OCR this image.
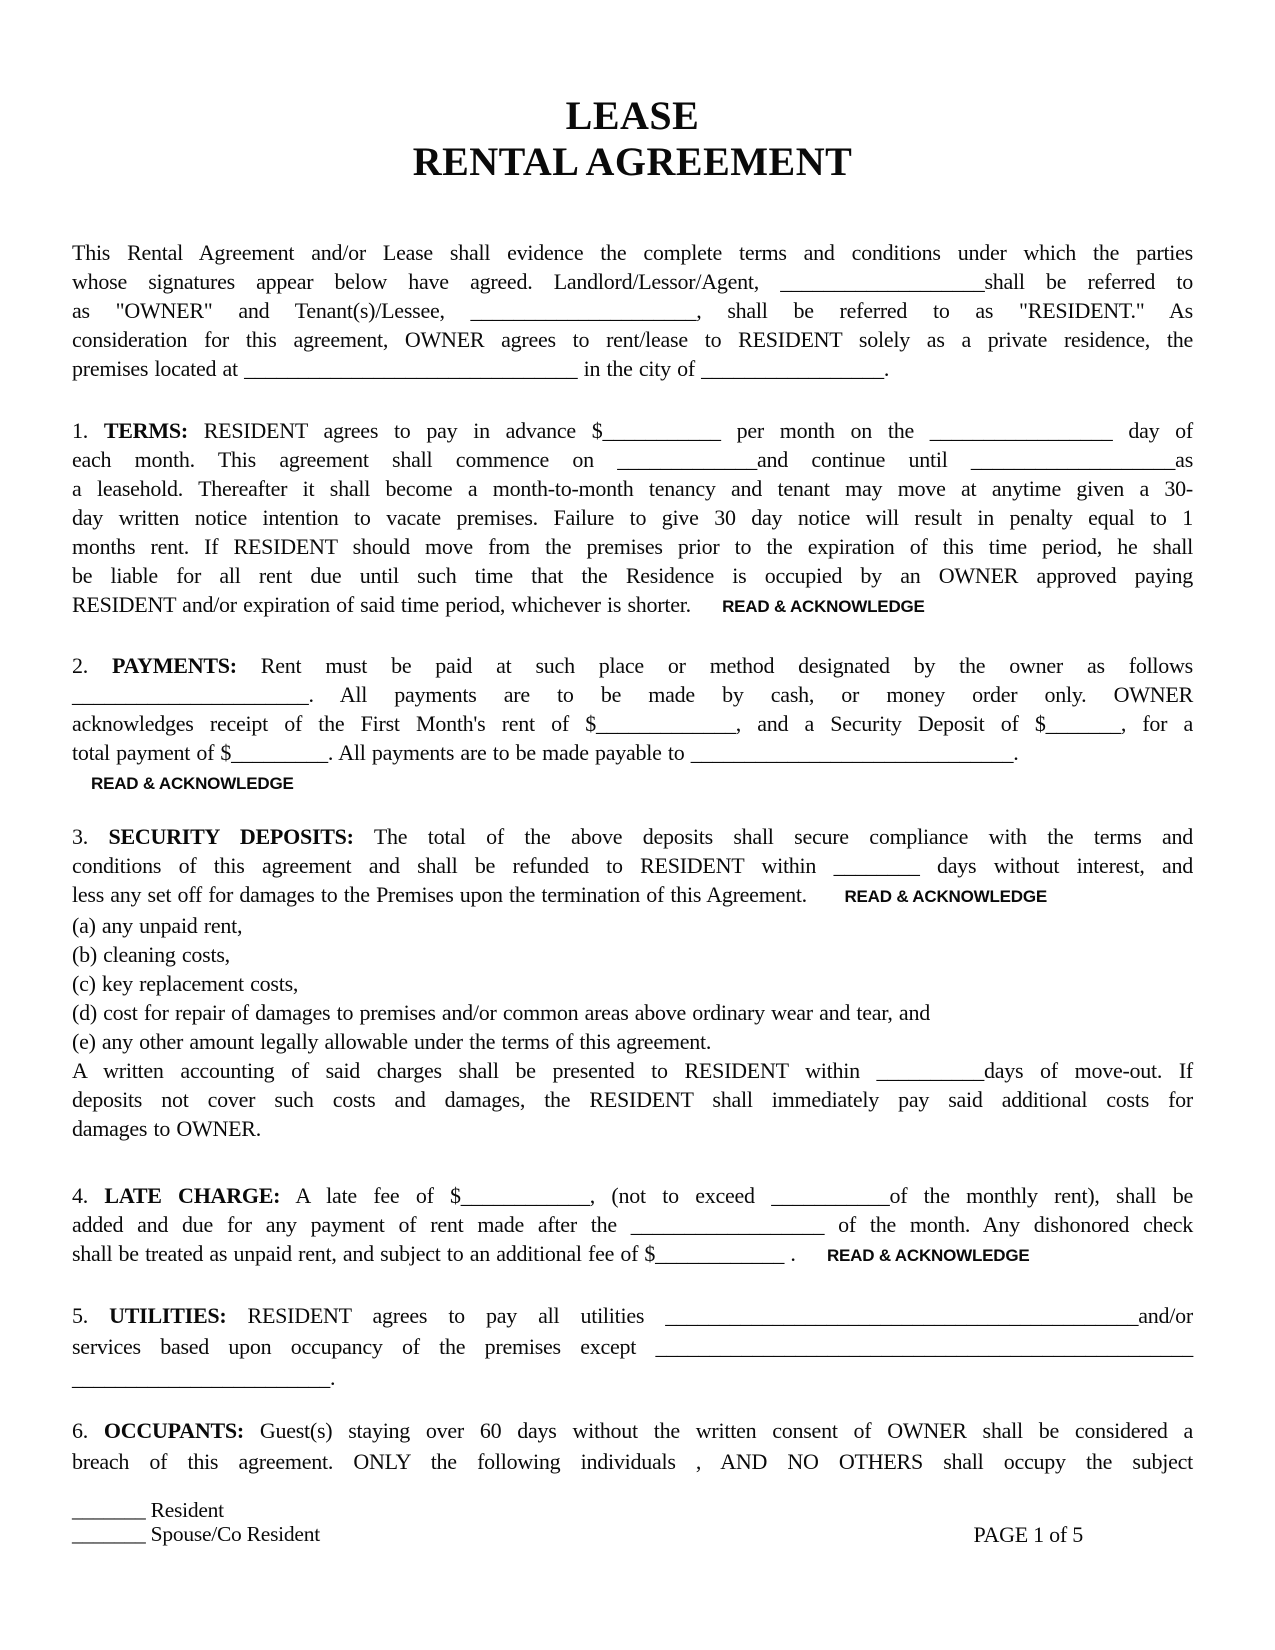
LEASE
RENTAL AGREEMENT
This Rental Agreement and/or Lease shall evidence the complete terms and conditions under which the parties
whose signatures appear below have agreed. Landlord/Lessor/Agent, ___________________shall be referred to
as "OWNER" and Tenant(s)/Lessee, _____________________, shall be referred to as "RESIDENT." As
consideration for this agreement, OWNER agrees to rent/lease to RESIDENT solely as a private residence, the
premises located at _______________________________ in the city of _________________.
1. TERMS: RESIDENT agrees to pay in advance $___________ per month on the _________________ day of
each month. This agreement shall commence on _____________and continue until ___________________as
a leasehold. Thereafter it shall become a month-to-month tenancy and tenant may move at anytime given a 30-
day written notice intention to vacate premises. Failure to give 30 day notice will result in penalty equal to 1
months rent. If RESIDENT should move from the premises prior to the expiration of this time period, he shall
be liable for all rent due until such time that the Residence is occupied by an OWNER approved paying
RESIDENT and/or expiration of said time period, whichever is shorter.     READ & ACKNOWLEDGE
2. PAYMENTS: Rent must be paid at such place or method designated by the owner as follows
______________________. All payments are to be made by cash, or money order only. OWNER
acknowledges receipt of the First Month's rent of $_____________, and a Security Deposit of $_______, for a
total payment of $_________. All payments are to be made payable to ______________________________.
READ & ACKNOWLEDGE
3. SECURITY DEPOSITS: The total of the above deposits shall secure compliance with the terms and
conditions of this agreement and shall be refunded to RESIDENT within ________ days without interest, and
less any set off for damages to the Premises upon the termination of this Agreement.      READ & ACKNOWLEDGE
(a) any unpaid rent,
(b) cleaning costs,
(c) key replacement costs,
(d) cost for repair of damages to premises and/or common areas above ordinary wear and tear, and
(e) any other amount legally allowable under the terms of this agreement.
A written accounting of said charges shall be presented to RESIDENT within __________days of move-out. If
deposits not cover such costs and damages, the RESIDENT shall immediately pay said additional costs for
damages to OWNER.
4. LATE CHARGE: A late fee of $____________, (not to exceed ___________of the monthly rent), shall be
added and due for any payment of rent made after the __________________ of the month. Any dishonored check
shall be treated as unpaid rent, and subject to an additional fee of $____________ .     READ & ACKNOWLEDGE
5. UTILITIES: RESIDENT agrees to pay all utilities ____________________________________________and/or
services based upon occupancy of the premises except __________________________________________________
________________________.
6. OCCUPANTS: Guest(s) staying over 60 days without the written consent of OWNER shall be considered a
breach of this agreement. ONLY the following individuals , AND NO OTHERS shall occupy the subject
_______ Resident
_______ Spouse/Co Resident	PAGE 1 of 5
